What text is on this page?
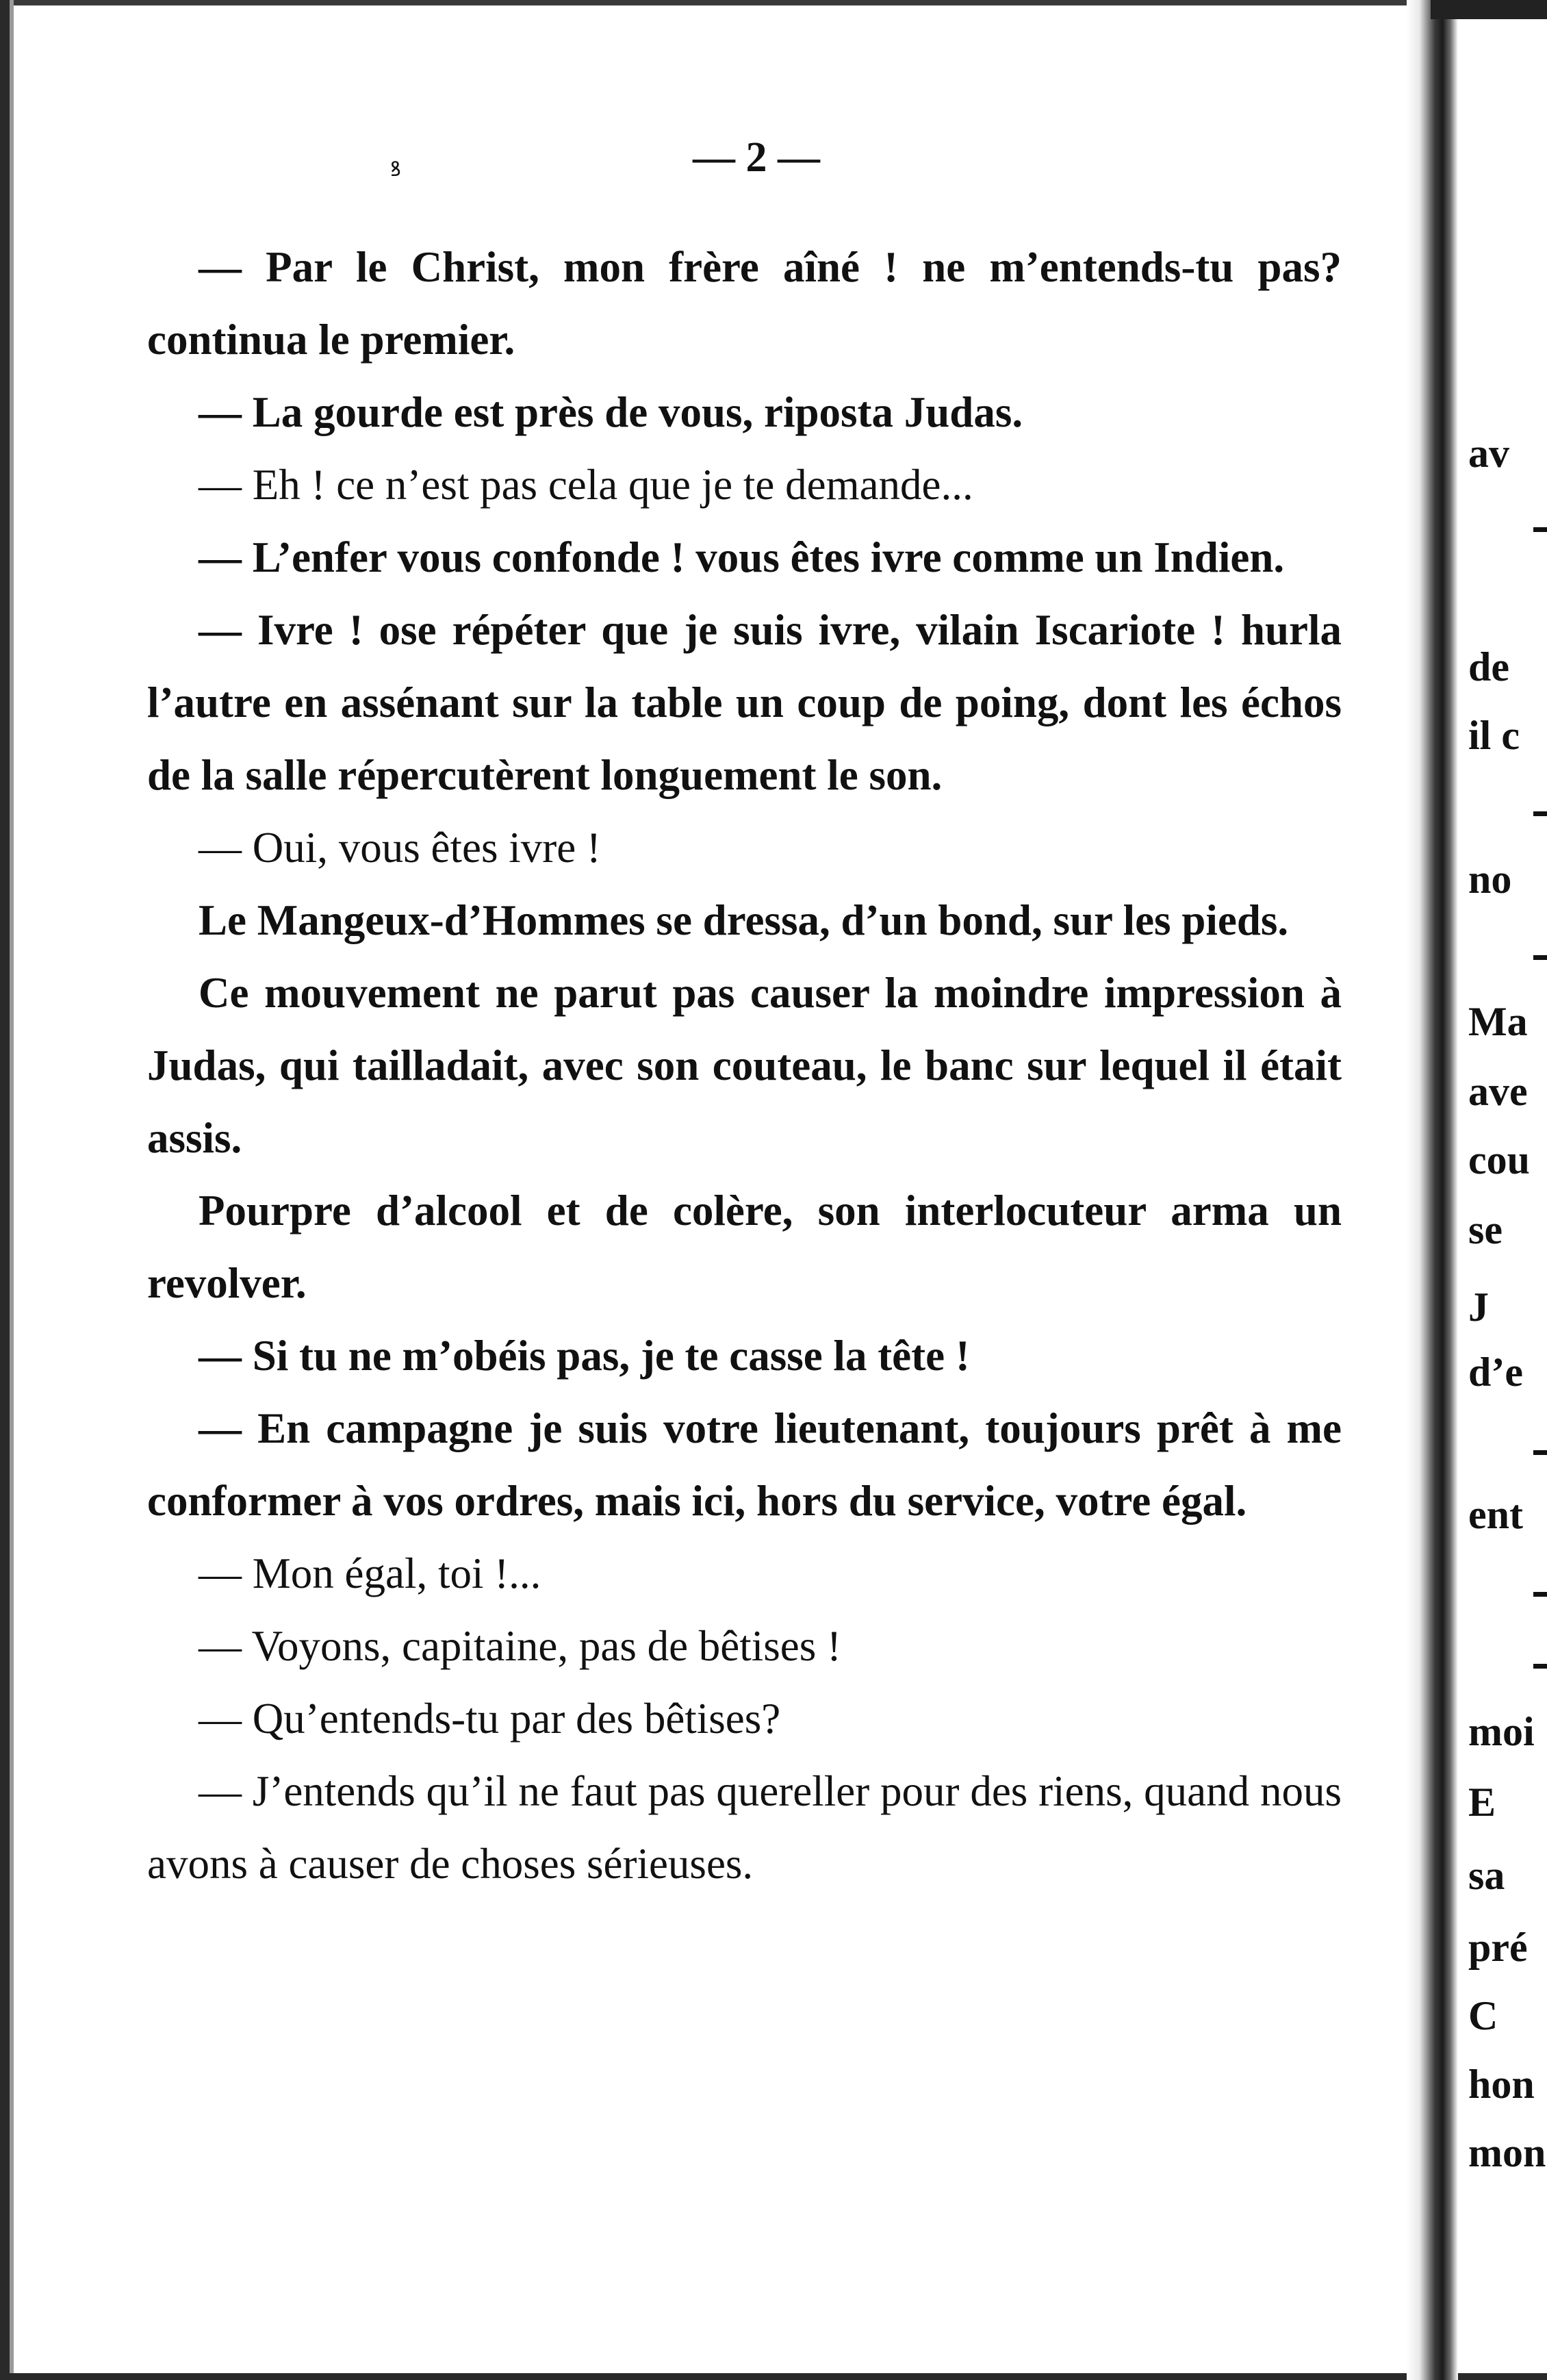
ꝸ	— 2 —

— Par le Christ, mon frère aîné ! ne m’entends-tu pas? continua le premier.

— La gourde est près de vous, riposta Judas.

— Eh ! ce n’est pas cela que je te demande...

— L’enfer vous confonde ! vous êtes ivre comme un Indien.

— Ivre ! ose répéter que je suis ivre, vilain Iscariote ! hurla l’autre en assénant sur la table un coup de poing, dont les échos de la salle répercutèrent longuement le son.

— Oui, vous êtes ivre !

Le Mangeux-d’Hommes se dressa, d’un bond, sur les pieds.

Ce mouvement ne parut pas causer la moindre impression à Judas, qui tailladait, avec son couteau, le banc sur lequel il était assis.

Pourpre d’alcool et de colère, son interlocuteur arma un revolver.

— Si tu ne m’obéis pas, je te casse la tête !

— En campagne je suis votre lieutenant, toujours prêt à me conformer à vos ordres, mais ici, hors du service, votre égal.

— Mon égal, toi !...

— Voyons, capitaine, pas de bêtises !

— Qu’entends-tu par des bêtises?

— J’entends qu’il ne faut pas quereller pour des riens, quand nous avons à causer de choses sérieuses.

av
de
il c
no
Ma
ave
cou
se
J
d’e
ent
moi
E
sa
pré
C
hon
mon
